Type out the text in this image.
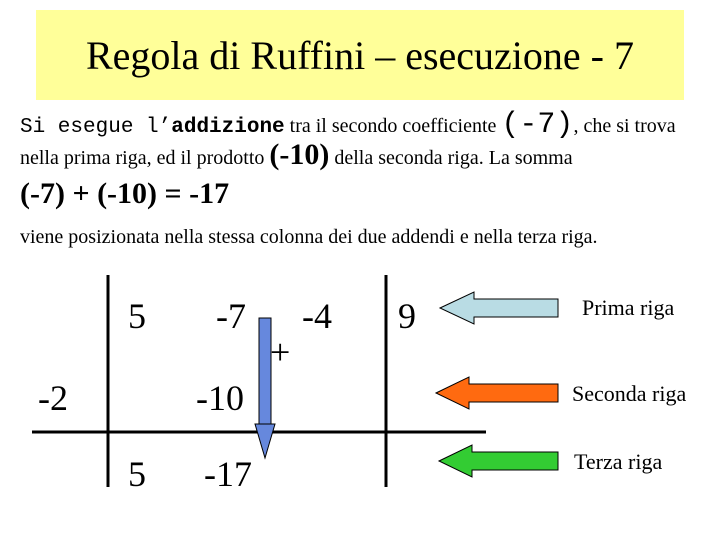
Regola di Ruffini – esecuzione - 7
Si esegue l’addizione tra il secondo coefficiente (-7), che si trova
nella prima riga, ed il prodotto (-10) della seconda riga. La somma
(-7) + (-10) = -17
viene posizionata nella stessa colonna dei due addendi e nella terza riga.
5 -7 -4 9
+
-2	-10
5 -17
Prima riga
Seconda riga
Terza riga
